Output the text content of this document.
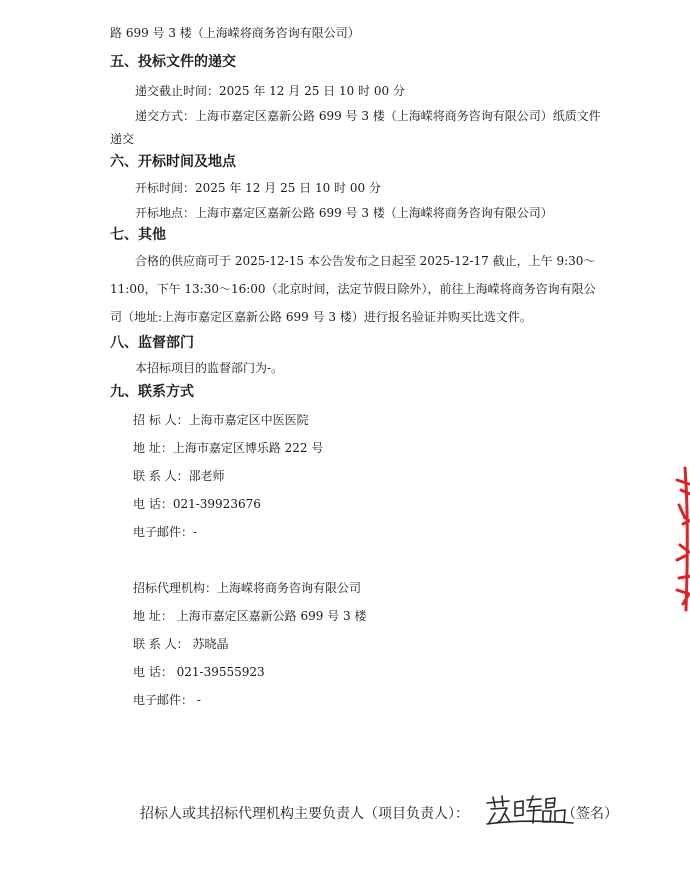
路 699 号 3 楼（上海嵘将商务咨询有限公司）
五、投标文件的递交
递交截止时间：2025 年 12 月 25 日 10 时 00 分
递交方式：上海市嘉定区嘉新公路 699 号 3 楼（上海嵘将商务咨询有限公司）纸质文件
递交
六、开标时间及地点
开标时间：2025 年 12 月 25 日 10 时 00 分
开标地点：上海市嘉定区嘉新公路 699 号 3 楼（上海嵘将商务咨询有限公司）
七、其他
合格的供应商可于 2025-12-15 本公告发布之日起至 2025-12-17 截止，上午 9:30～
11:00，下午 13:30～16:00（北京时间，法定节假日除外），前往上海嵘将商务咨询有限公
司（地址:上海市嘉定区嘉新公路 699 号 3 楼）进行报名验证并购买比选文件。
八、监督部门
本招标项目的监督部门为-。
九、联系方式
招 标 人：上海市嘉定区中医医院
地 址：上海市嘉定区博乐路 222 号
联 系 人：邵老师
电 话：021-39923676
电子邮件：-
招标代理机构：上海嵘将商务咨询有限公司
地 址： 上海市嘉定区嘉新公路 699 号 3 楼
联 系 人： 苏晓晶
电 话： 021-39555923
电子邮件： -
招标人或其招标代理机构主要负责人（项目负责人）：	（签名）
